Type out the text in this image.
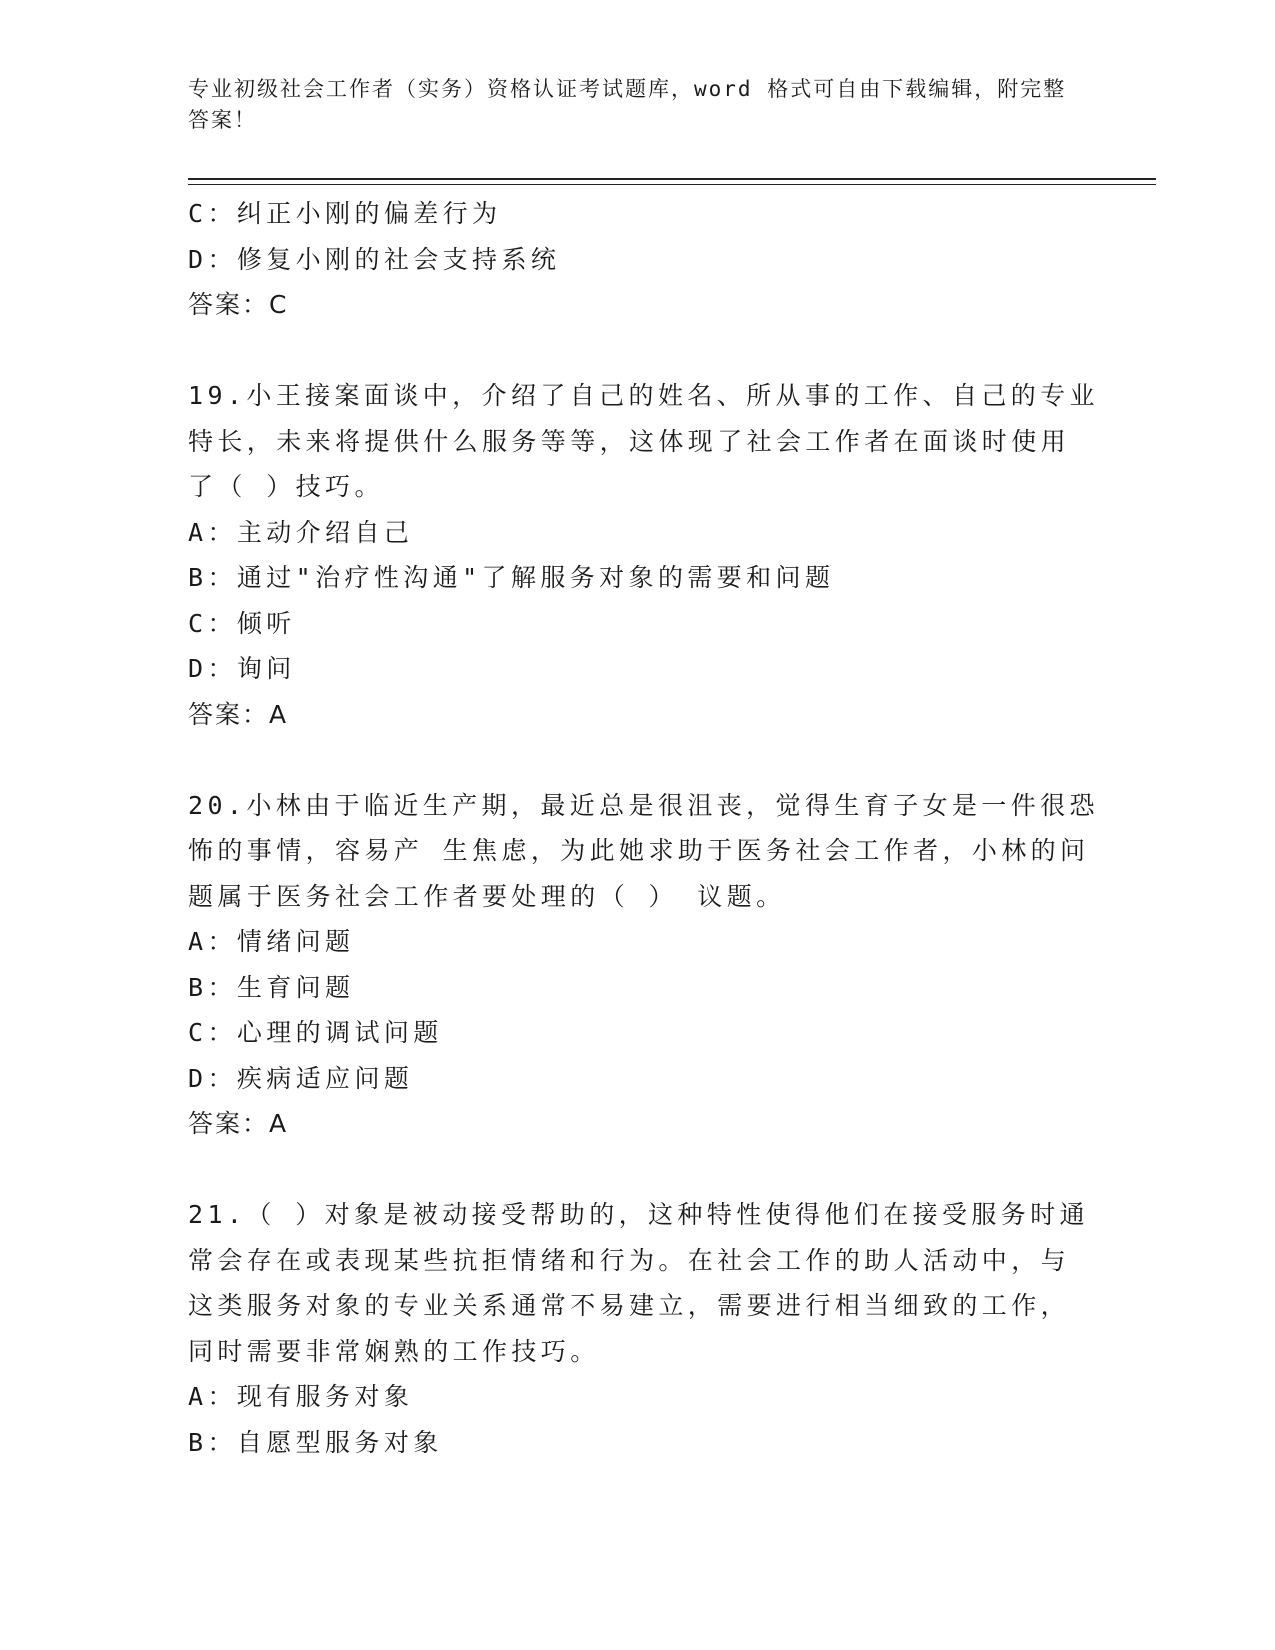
专业初级社会工作者（实务）资格认证考试题库，word 格式可自由下载编辑，附完整答案！
C：纠正小刚的偏差行为
D：修复小刚的社会支持系统
答案：C
19.小王接案面谈中，介绍了自己的姓名、所从事的工作、自己的专业
特长，未来将提供什么服务等等，这体现了社会工作者在面谈时使用
了（ ）技巧。
A：主动介绍自己
B：通过"治疗性沟通"了解服务对象的需要和问题
C：倾听
D：询问
答案：A
20.小林由于临近生产期，最近总是很沮丧，觉得生育子女是一件很恐
怖的事情，容易产 生焦虑，为此她求助于医务社会工作者，小林的问
题属于医务社会工作者要处理的（ ） 议题。
A：情绪问题
B：生育问题
C：心理的调试问题
D：疾病适应问题
答案：A
21.（ ）对象是被动接受帮助的，这种特性使得他们在接受服务时通
常会存在或表现某些抗拒情绪和行为。在社会工作的助人活动中，与
这类服务对象的专业关系通常不易建立，需要进行相当细致的工作，
同时需要非常娴熟的工作技巧。
A：现有服务对象
B：自愿型服务对象
